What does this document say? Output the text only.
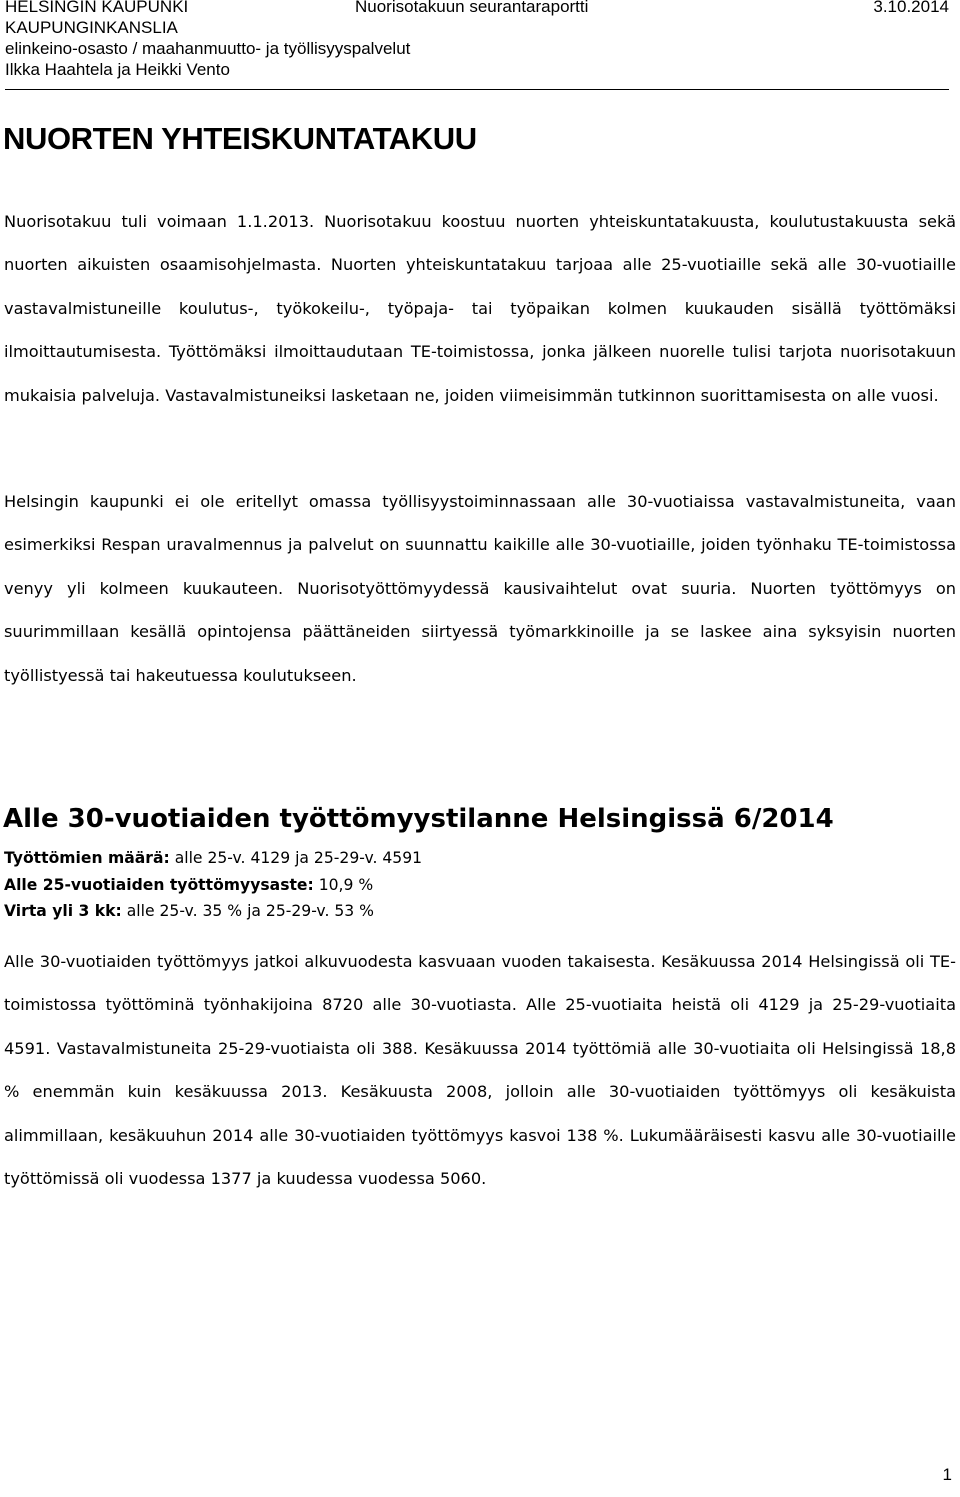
HELSINGIN KAUPUNKI	Nuorisotakuun seurantaraportti	3.10.2014
KAUPUNGINKANSLIA
elinkeino-osasto / maahanmuutto- ja työllisyyspalvelut
Ilkka Haahtela ja Heikki Vento
NUORTEN YHTEISKUNTATAKUU

Nuorisotakuu tuli voimaan 1.1.2013. Nuorisotakuu koostuu nuorten yhteiskuntatakuusta, koulutustakuusta sekä nuorten aikuisten osaamisohjelmasta. Nuorten yhteiskuntatakuu tarjoaa alle 25-vuotiaille sekä alle 30-vuotiaille vastavalmistuneille koulutus-, työkokeilu-, työpaja- tai työpaikan kolmen kuukauden sisällä työttömäksi ilmoittautumisesta. Työttömäksi ilmoittaudutaan TE-toimistossa, jonka jälkeen nuorelle tulisi tarjota nuorisotakuun mukaisia palveluja. Vastavalmistuneiksi lasketaan ne, joiden viimeisimmän tutkinnon suorittamisesta on alle vuosi.

Helsingin kaupunki ei ole eritellyt omassa työllisyystoiminnassaan alle 30-vuotiaissa vastavalmistuneita, vaan esimerkiksi Respan uravalmennus ja palvelut on suunnattu kaikille alle 30-vuotiaille, joiden työnhaku TE-toimistossa venyy yli kolmeen kuukauteen. Nuorisotyöttömyydessä kausivaihtelut ovat suuria. Nuorten työttömyys on suurimmillaan kesällä opintojensa päättäneiden siirtyessä työmarkkinoille ja se laskee aina syksyisin nuorten työllistyessä tai hakeutuessa koulutukseen.

Alle 30-vuotiaiden työttömyystilanne Helsingissä 6/2014
Työttömien määrä: alle 25-v. 4129 ja 25-29-v. 4591
Alle 25-vuotiaiden työttömyysaste: 10,9 %
Virta yli 3 kk: alle 25-v. 35 % ja 25-29-v. 53 %

Alle 30-vuotiaiden työttömyys jatkoi alkuvuodesta kasvuaan vuoden takaisesta. Kesäkuussa 2014 Helsingissä oli TE-toimistossa työttöminä työnhakijoina 8720 alle 30-vuotiasta. Alle 25-vuotiaita heistä oli 4129 ja 25-29-vuotiaita 4591. Vastavalmistuneita 25-29-vuotiaista oli 388. Kesäkuussa 2014 työttömiä alle 30-vuotiaita oli Helsingissä 18,8 % enemmän kuin kesäkuussa 2013. Kesäkuusta 2008, jolloin alle 30-vuotiaiden työttömyys oli kesäkuista alimmillaan, kesäkuuhun 2014 alle 30-vuotiaiden työttömyys kasvoi 138 %. Lukumääräisesti kasvu alle 30-vuotiaille työttömissä oli vuodessa 1377 ja kuudessa vuodessa 5060.

1
